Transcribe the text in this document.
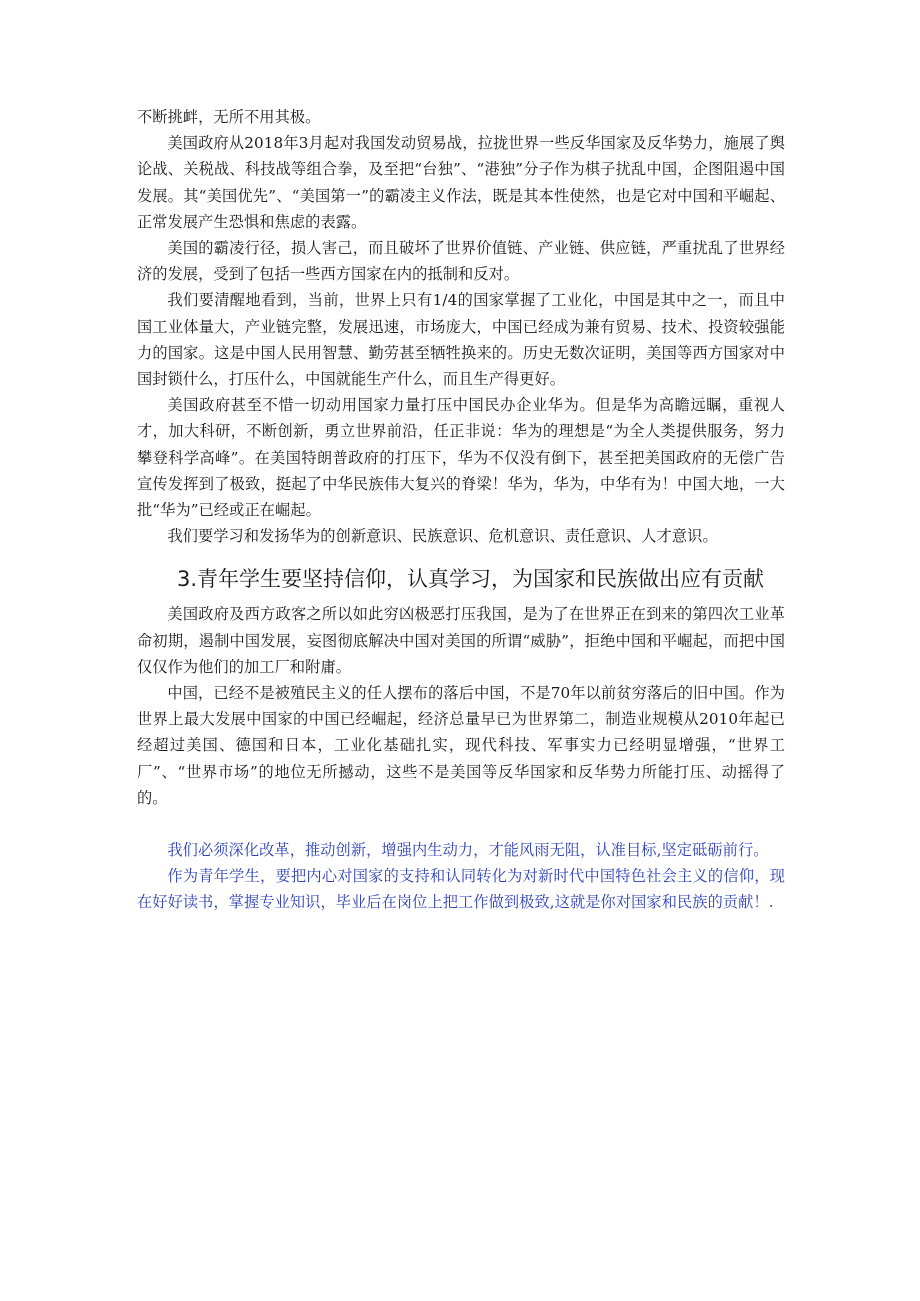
不断挑衅，无所不用其极。

美国政府从2018年3月起对我国发动贸易战，拉拢世界一些反华国家及反华势力，施展了舆论战、关税战、科技战等组合拳，及至把“台独”、“港独”分子作为棋子扰乱中国，企图阻遏中国发展。其“美国优先”、“美国第一”的霸凌主义作法，既是其本性使然，也是它对中国和平崛起、正常发展产生恐惧和焦虑的表露。

美国的霸凌行径，损人害己，而且破坏了世界价值链、产业链、供应链，严重扰乱了世界经济的发展，受到了包括一些西方国家在内的抵制和反对。

我们要清醒地看到，当前，世界上只有1/4的国家掌握了工业化，中国是其中之一，而且中国工业体量大，产业链完整，发展迅速，市场庞大，中国已经成为兼有贸易、技术、投资较强能力的国家。这是中国人民用智慧、勤劳甚至牺牲换来的。历史无数次证明，美国等西方国家对中国封锁什么，打压什么，中国就能生产什么，而且生产得更好。

美国政府甚至不惜一切动用国家力量打压中国民办企业华为。但是华为高瞻远瞩，重视人才，加大科研，不断创新，勇立世界前沿，任正非说：华为的理想是“为全人类提供服务，努力攀登科学高峰”。在美国特朗普政府的打压下，华为不仅没有倒下，甚至把美国政府的无偿广告宣传发挥到了极致，挺起了中华民族伟大复兴的脊梁！华为，华为，中华有为！中国大地，一大批“华为”已经或正在崛起。

我们要学习和发扬华为的创新意识、民族意识、危机意识、责任意识、人才意识。

3.青年学生要坚持信仰，认真学习，为国家和民族做出应有贡献

美国政府及西方政客之所以如此穷凶极恶打压我国，是为了在世界正在到来的第四次工业革命初期，遏制中国发展，妄图彻底解决中国对美国的所谓“威胁”，拒绝中国和平崛起，而把中国仅仅作为他们的加工厂和附庸。

中国，已经不是被殖民主义的任人摆布的落后中国，不是70年以前贫穷落后的旧中国。作为世界上最大发展中国家的中国已经崛起，经济总量早已为世界第二，制造业规模从2010年起已经超过美国、德国和日本，工业化基础扎实，现代科技、军事实力已经明显增强，“世界工厂”、“世界市场”的地位无所撼动，这些不是美国等反华国家和反华势力所能打压、动摇得了的。

我们必须深化改革，推动创新，增强内生动力，才能风雨无阻，认准目标,坚定砥砺前行。

作为青年学生，要把内心对国家的支持和认同转化为对新时代中国特色社会主义的信仰，现在好好读书，掌握专业知识，毕业后在岗位上把工作做到极致,这就是你对国家和民族的贡献！.
